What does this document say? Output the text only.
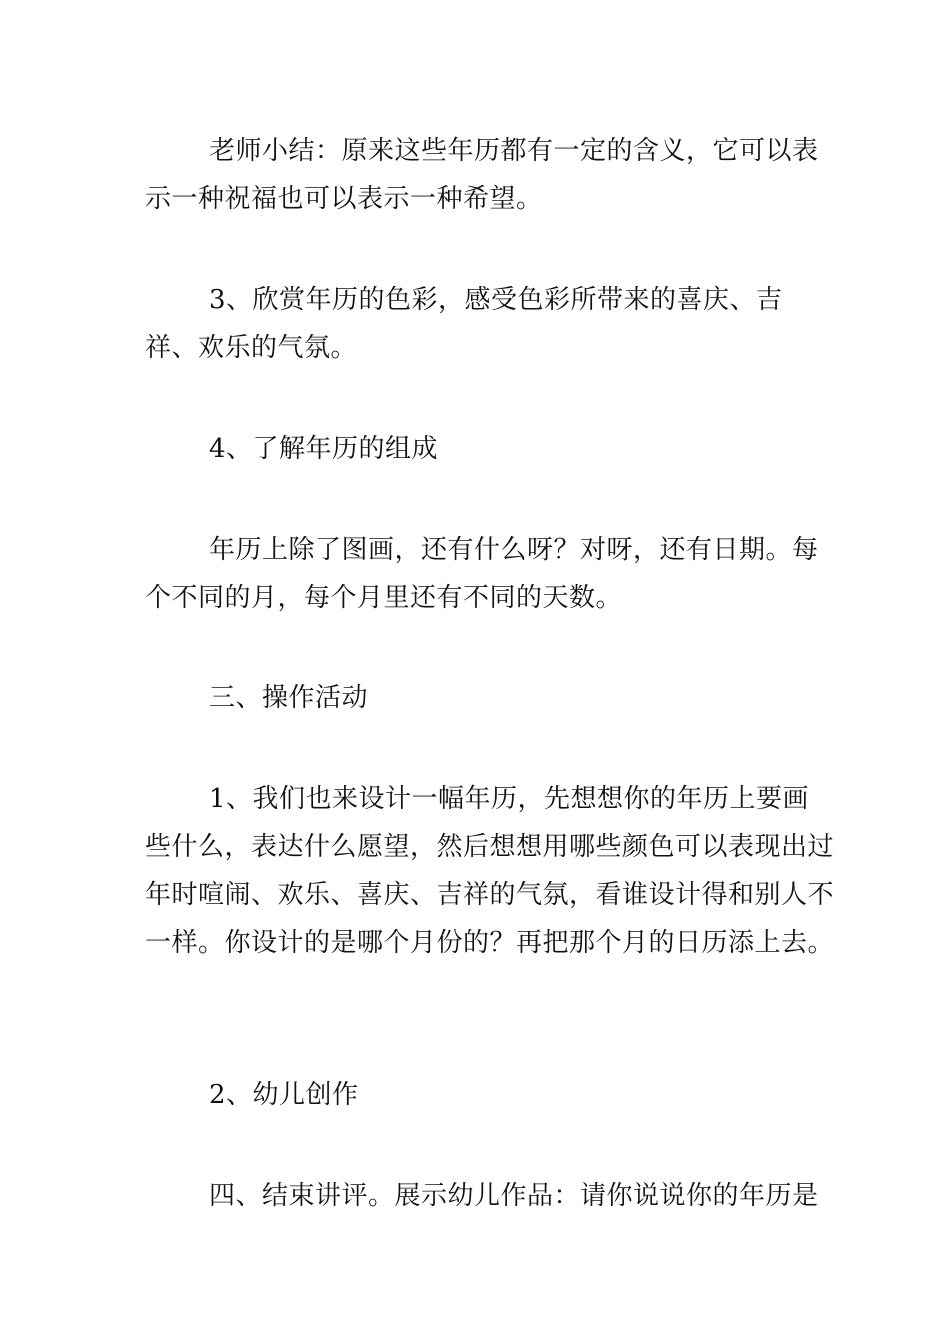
老师小结：原来这些年历都有一定的含义，它可以表示一种祝福也可以表示一种希望。

3、欣赏年历的色彩，感受色彩所带来的喜庆、吉祥、欢乐的气氛。

4、了解年历的组成

年历上除了图画，还有什么呀？对呀，还有日期。每个不同的月，每个月里还有不同的天数。

三、操作活动

1、我们也来设计一幅年历，先想想你的年历上要画些什么，表达什么愿望，然后想想用哪些颜色可以表现出过年时喧闹、欢乐、喜庆、吉祥的气氛，看谁设计得和别人不一样。你设计的是哪个月份的？再把那个月的日历添上去。

2、幼儿创作

四、结束讲评。展示幼儿作品：请你说说你的年历是
